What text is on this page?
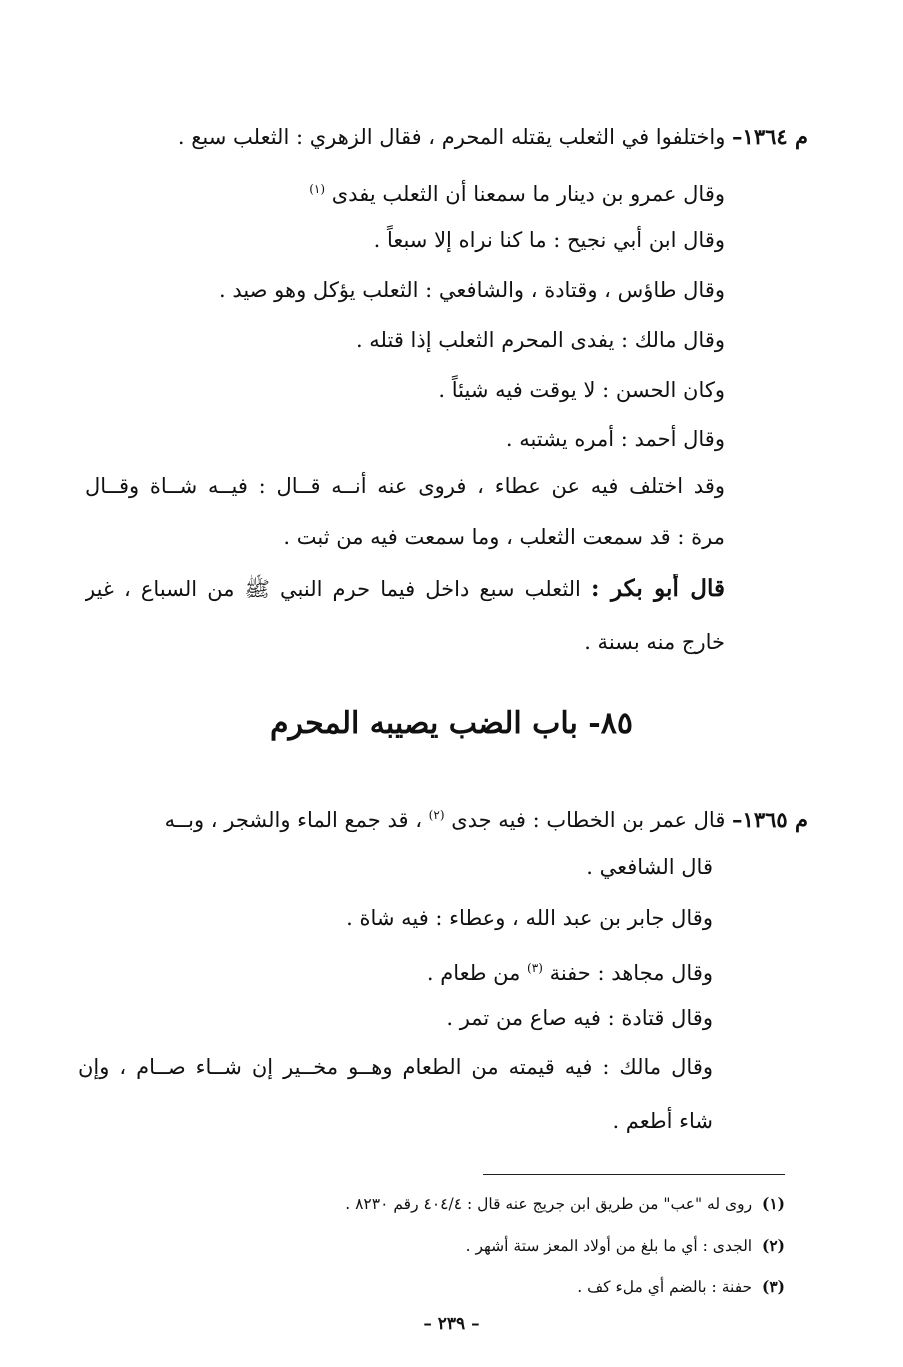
م ١٣٦٤– واختلفوا في الثعلب يقتله المحرم ، فقال الزهري : الثعلب سبع .
وقال عمرو بن دينار ما سمعنا أن الثعلب يفدى $^{(١)}$
وقال ابن أبي نجيح : ما كنا نراه إلا سبعاً .
وقال طاؤس ، وقتادة ، والشافعي : الثعلب يؤكل وهو صيد .
وقال مالك : يفدى المحرم الثعلب إذا قتله .
وكان الحسن : لا يوقت فيه شيئاً .
وقال أحمد : أمره يشتبه .
وقد اختلف فيه عن عطاء ، فروى عنه أنــه قــال : فيــه شــاة وقــال
مرة : قد سمعت الثعلب ، وما سمعت فيه من ثبت .
قال أبو بكر : الثعلب سبع داخل فيما حرم النبي ﷺ من السباع ، غير
خارج منه بسنة .
٨٥- باب الضب يصيبه المحرم
م ١٣٦٥– قال عمر بن الخطاب : فيه جدى $^{(٢)}$ ، قد جمع الماء والشجر ، وبــه
قال الشافعي .
وقال جابر بن عبد الله ، وعطاء : فيه شاة .
وقال مجاهد : حفنة $^{(٣)}$ من طعام .
وقال قتادة : فيه صاع من تمر .
وقال مالك : فيه قيمته من الطعام وهــو مخــير إن شــاء صــام ، وإن
شاء أطعم .
(١)  روى له "عب" من طريق ابن جريج عنه قال : ٤٠٤/٤ رقم ٨٢٣٠ .
(٢)  الجدى : أي ما بلغ من أولاد المعز ستة أشهر .
(٣)  حفنة : بالضم أي ملء كف .
– ٢٣٩ –
